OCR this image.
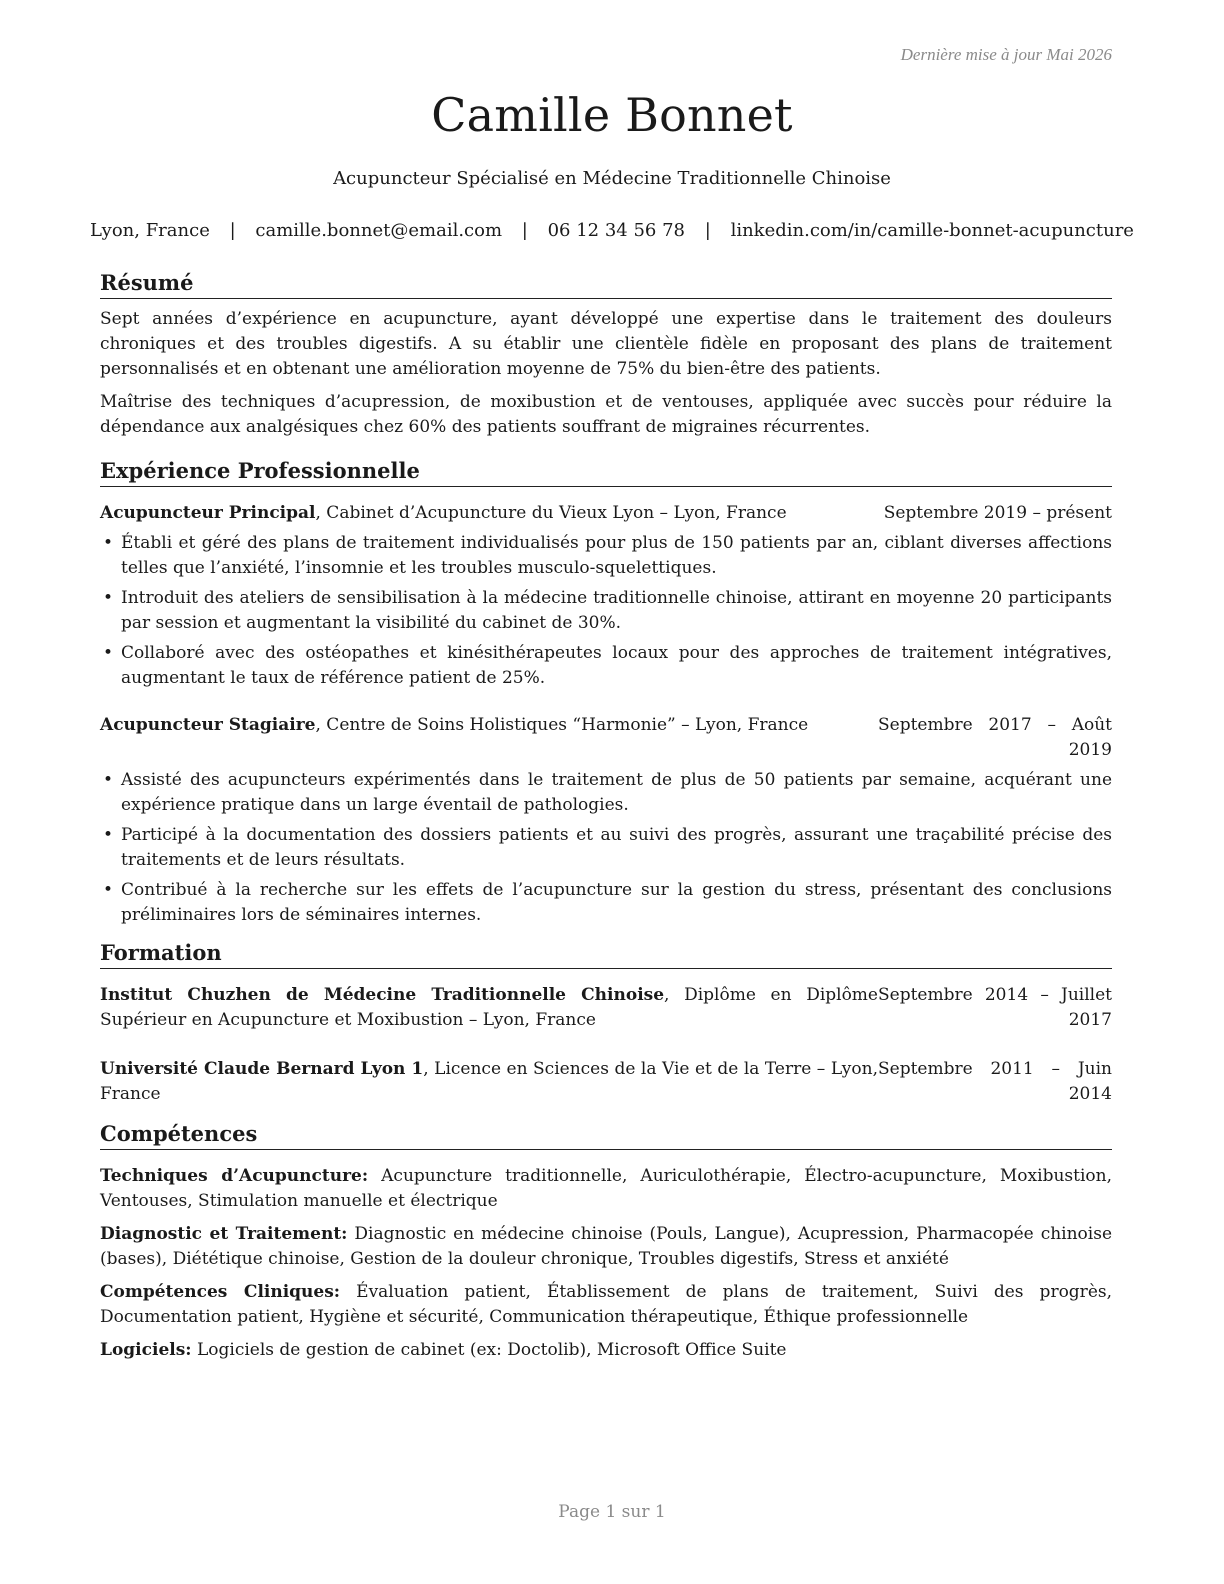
Dernière mise à jour Mai 2026
Camille Bonnet
Acupuncteur Spécialisé en Médecine Traditionnelle Chinoise
Lyon, France | camille.bonnet@email.com | 06 12 34 56 78 | linkedin.com/in/camille-bonnet-acupuncture
Résumé

Sept années d’expérience en acupuncture, ayant développé une expertise dans le traitement des douleurs chroniques et des troubles digestifs. A su établir une clientèle fidèle en proposant des plans de traitement personnalisés et en obtenant une amélioration moyenne de 75% du bien-être des patients.

Maîtrise des techniques d’acupression, de moxibustion et de ventouses, appliquée avec succès pour réduire la dépendance aux analgésiques chez 60% des patients souffrant de migraines récurrentes.

Expérience Professionnelle
Acupuncteur Principal, Cabinet d’Acupuncture du Vieux Lyon – Lyon, France	Septembre 2019 – présent
• Établi et géré des plans de traitement individualisés pour plus de 150 patients par an, ciblant diverses affections telles que l’anxiété, l’insomnie et les troubles musculo-squelettiques.
• Introduit des ateliers de sensibilisation à la médecine traditionnelle chinoise, attirant en moyenne 20 participants par session et augmentant la visibilité du cabinet de 30%.
• Collaboré avec des ostéopathes et kinésithérapeutes locaux pour des approches de traitement intégratives, augmentant le taux de référence patient de 25%.
Acupuncteur Stagiaire, Centre de Soins Holistiques “Harmonie” – Lyon, France	Septembre 2017 – Août 2019
• Assisté des acupuncteurs expérimentés dans le traitement de plus de 50 patients par semaine, acquérant une expérience pratique dans un large éventail de pathologies.
• Participé à la documentation des dossiers patients et au suivi des progrès, assurant une traçabilité précise des traitements et de leurs résultats.
• Contribué à la recherche sur les effets de l’acupuncture sur la gestion du stress, présentant des conclusions préliminaires lors de séminaires internes.
Formation
Institut Chuzhen de Médecine Traditionnelle Chinoise, Diplôme en Diplôme Supérieur en Acupuncture et Moxibustion – Lyon, France
Septembre 2014 – Juillet 2017
Université Claude Bernard Lyon 1, Licence en Sciences de la Vie et de la Terre – Lyon, France
Septembre 2011 – Juin 2014
Compétences
Techniques d’Acupuncture: Acupuncture traditionnelle, Auriculothérapie, Électro-acupuncture, Moxibustion, Ventouses, Stimulation manuelle et électrique
Diagnostic et Traitement: Diagnostic en médecine chinoise (Pouls, Langue), Acupression, Pharmacopée chinoise (bases), Diététique chinoise, Gestion de la douleur chronique, Troubles digestifs, Stress et anxiété
Compétences Cliniques: Évaluation patient, Établissement de plans de traitement, Suivi des progrès, Documentation patient, Hygiène et sécurité, Communication thérapeutique, Éthique professionnelle
Logiciels: Logiciels de gestion de cabinet (ex: Doctolib), Microsoft Office Suite
Page 1 sur 1
